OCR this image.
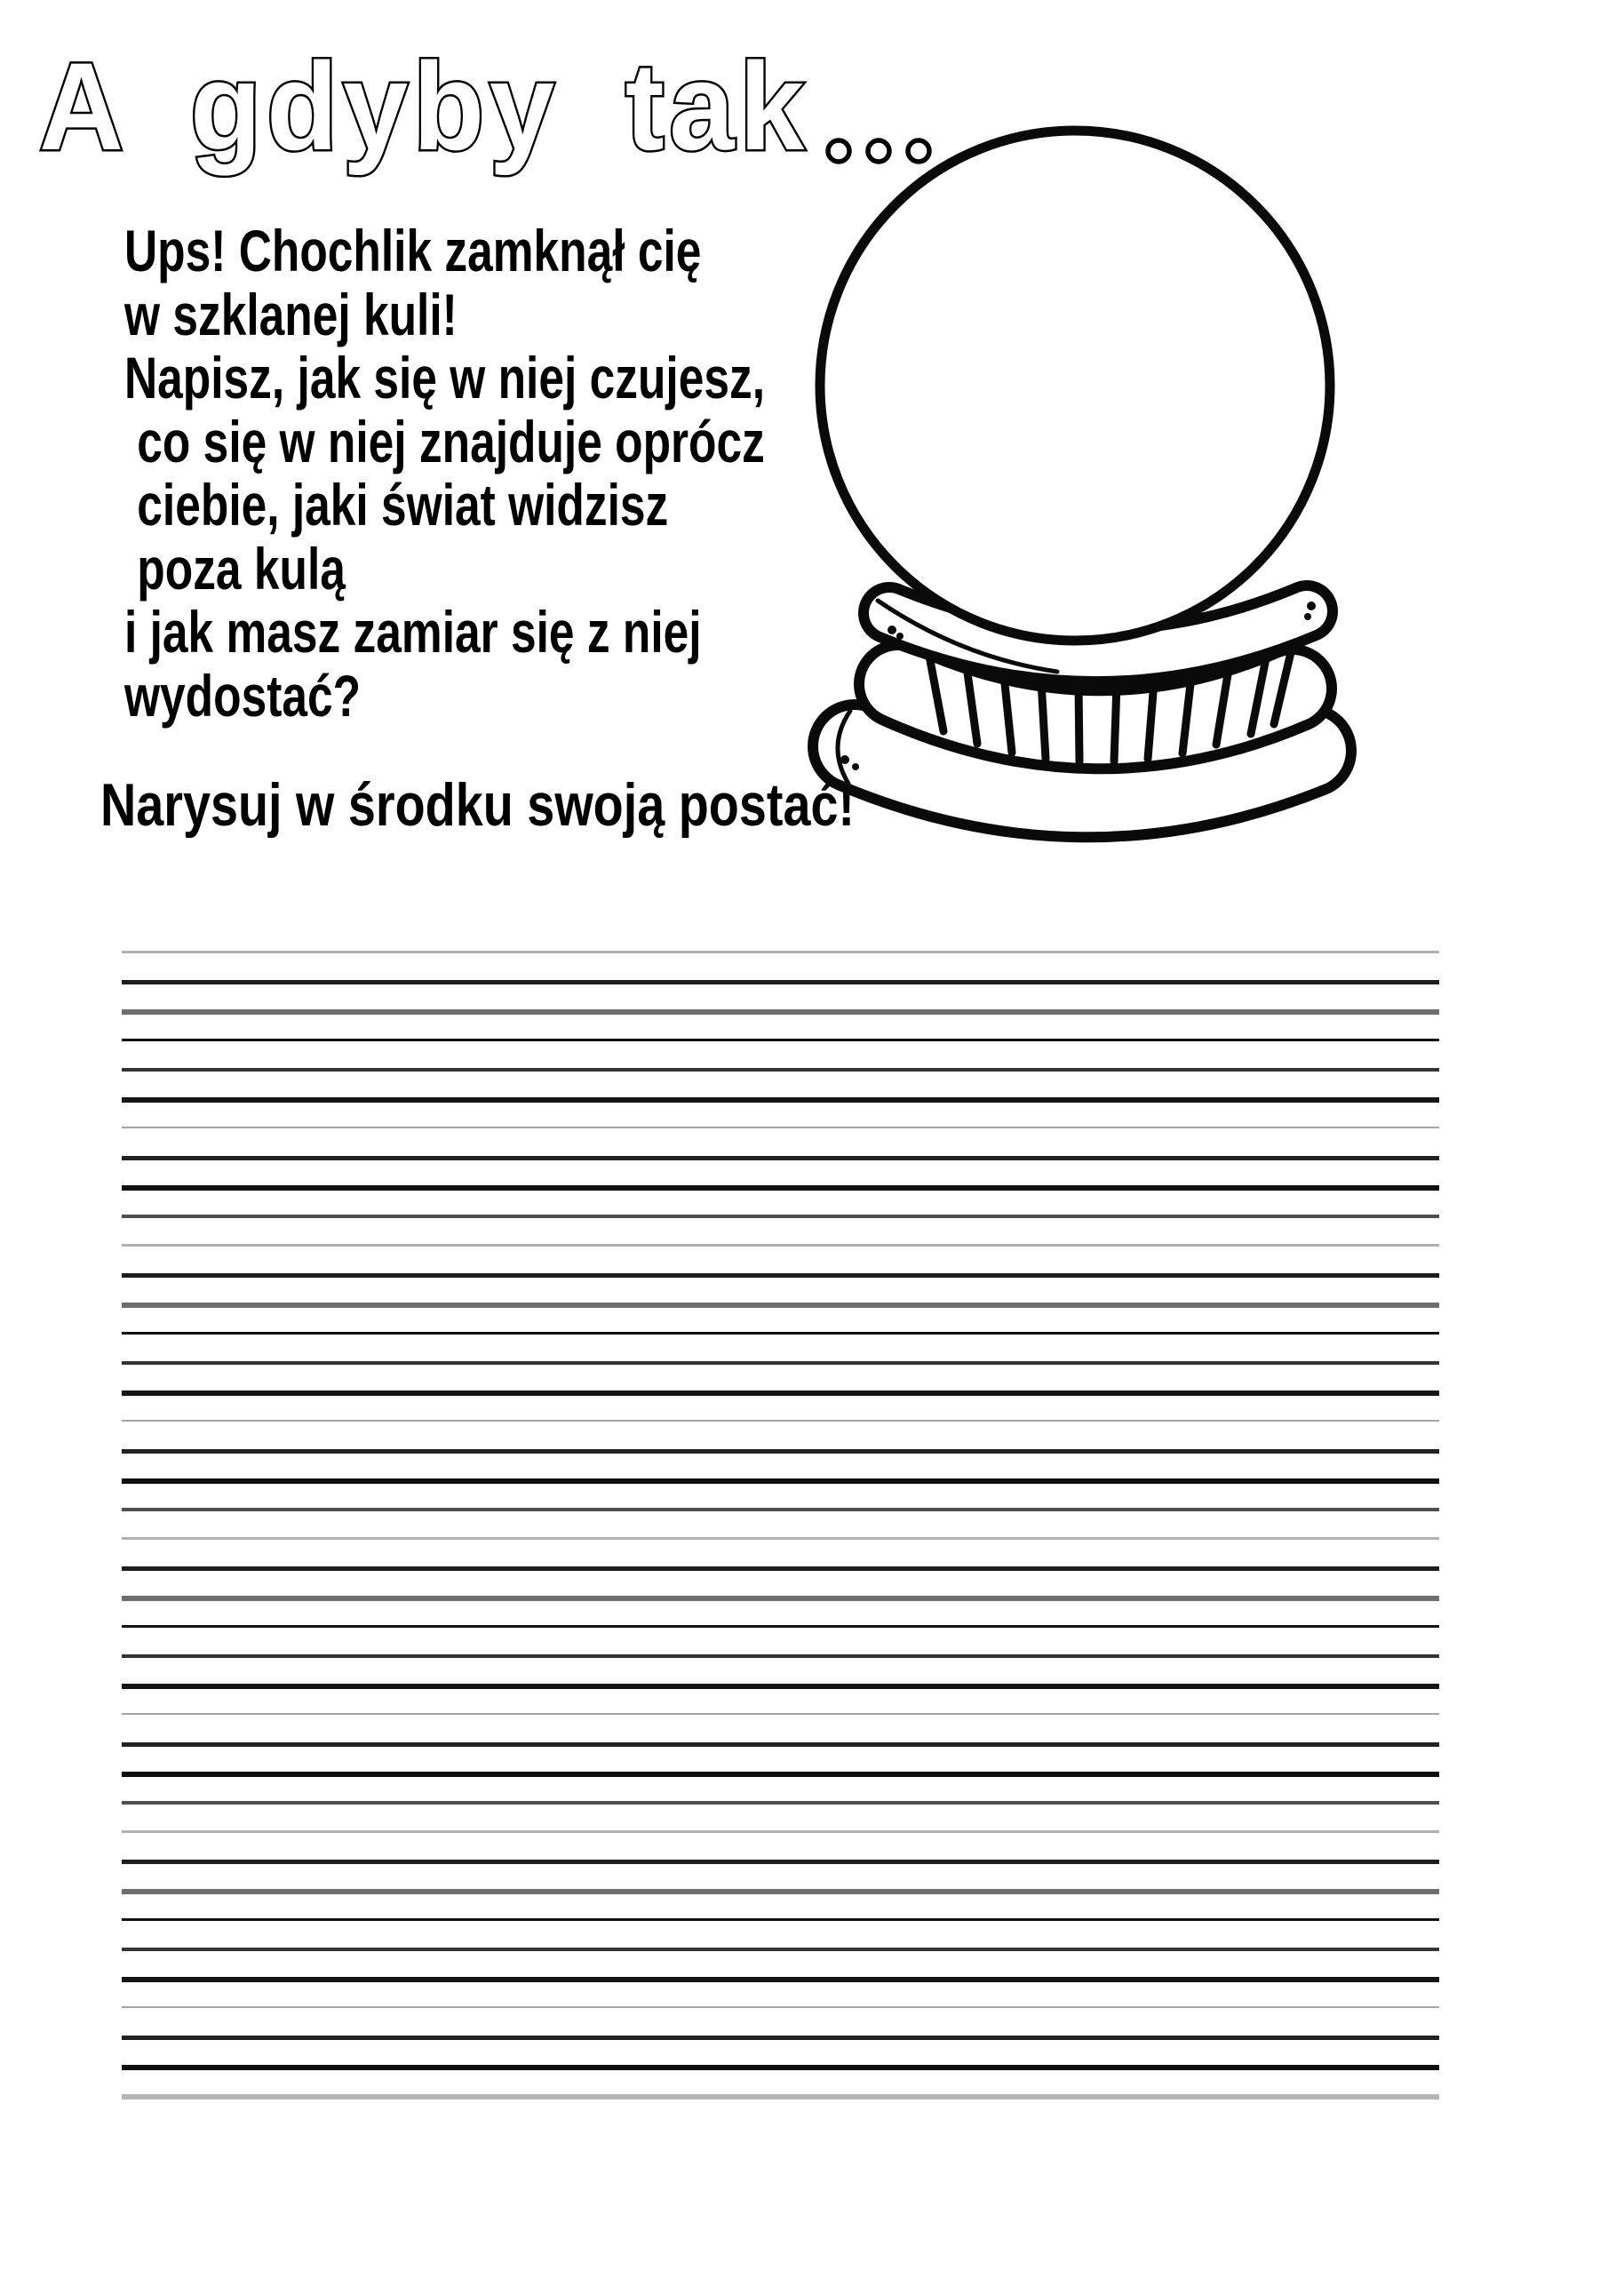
A gdyby tak
Ups! Chochlik zamknął cię
w szklanej kuli!
Napisz, jak się w niej czujesz,
co się w niej znajduje oprócz
ciebie, jaki świat widzisz
poza kulą
i jak masz zamiar się z niej
wydostać?
Narysuj w środku swoją postać!
